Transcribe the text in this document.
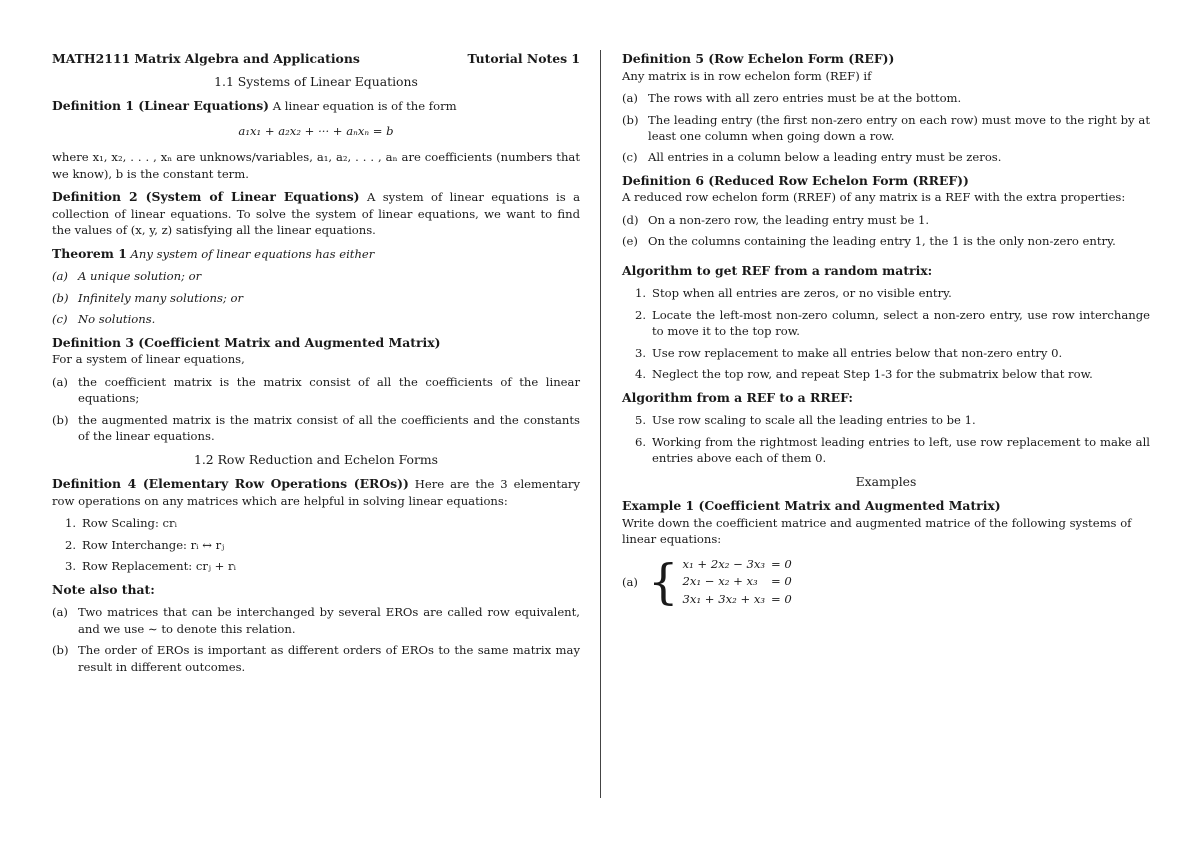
MATH2111 Matrix Algebra and Applications	Tutorial Notes 1
1.1 Systems of Linear Equations

Definition 1 (Linear Equations) A linear equation is of the form

a₁x₁ + a₂x₂ + ··· + aₙxₙ = b

where x₁, x₂, . . . , xₙ are unknows/variables, a₁, a₂, . . . , aₙ are coefficients (numbers that we know), b is the constant term.

Definition 2 (System of Linear Equations) A system of linear equations is a collection of linear equations. To solve the system of linear equations, we want to find the values of (x, y, z) satisfying all the linear equations.

Theorem 1 Any system of linear equations has either

(a) A unique solution; or
(b) Infinitely many solutions; or
(c) No solutions.
Definition 3 (Coefficient Matrix and Augmented Matrix)
For a system of linear equations,
(a) the coefficient matrix is the matrix consist of all the coefficients of the linear equations;
(b) the augmented matrix is the matrix consist of all the coefficients and the constants of the linear equations.
1.2 Row Reduction and Echelon Forms

Definition 4 (Elementary Row Operations (EROs)) Here are the 3 elementary row operations on any matrices which are helpful in solving linear equations:

1. Row Scaling: crᵢ
2. Row Interchange: rᵢ ↔ rⱼ
3. Row Replacement: crⱼ + rᵢ
Note also that:
(a) Two matrices that can be interchanged by several EROs are called row equivalent, and we use ∼ to denote this relation.
(b) The order of EROs is important as different orders of EROs to the same matrix may result in different outcomes.
Definition 5 (Row Echelon Form (REF))
Any matrix is in row echelon form (REF) if
(a) The rows with all zero entries must be at the bottom.
(b) The leading entry (the first non-zero entry on each row) must move to the right by at least one column when going down a row.
(c) All entries in a column below a leading entry must be zeros.
Definition 6 (Reduced Row Echelon Form (RREF))
A reduced row echelon form (RREF) of any matrix is a REF with the extra properties:
(d) On a non-zero row, the leading entry must be 1.
(e) On the columns containing the leading entry 1, the 1 is the only non-zero entry.
Algorithm to get REF from a random matrix:
1. Stop when all entries are zeros, or no visible entry.
2. Locate the left-most non-zero column, select a non-zero entry, use row interchange to move it to the top row.
3. Use row replacement to make all entries below that non-zero entry 0.
4. Neglect the top row, and repeat Step 1-3 for the submatrix below that row.
Algorithm from a REF to a RREF:
5. Use row scaling to scale all the leading entries to be 1.
6. Working from the rightmost leading entries to left, use row replacement to make all entries above each of them 0.
Examples
Example 1 (Coefficient Matrix and Augmented Matrix)
Write down the coefficient matrice and augmented matrice of the following systems of linear equations:
(a) { x₁ + 2x₂ − 3x₃	= 0
2x₁ − x₂ + x₃	= 0
3x₁ + 3x₂ + x₃	= 0
